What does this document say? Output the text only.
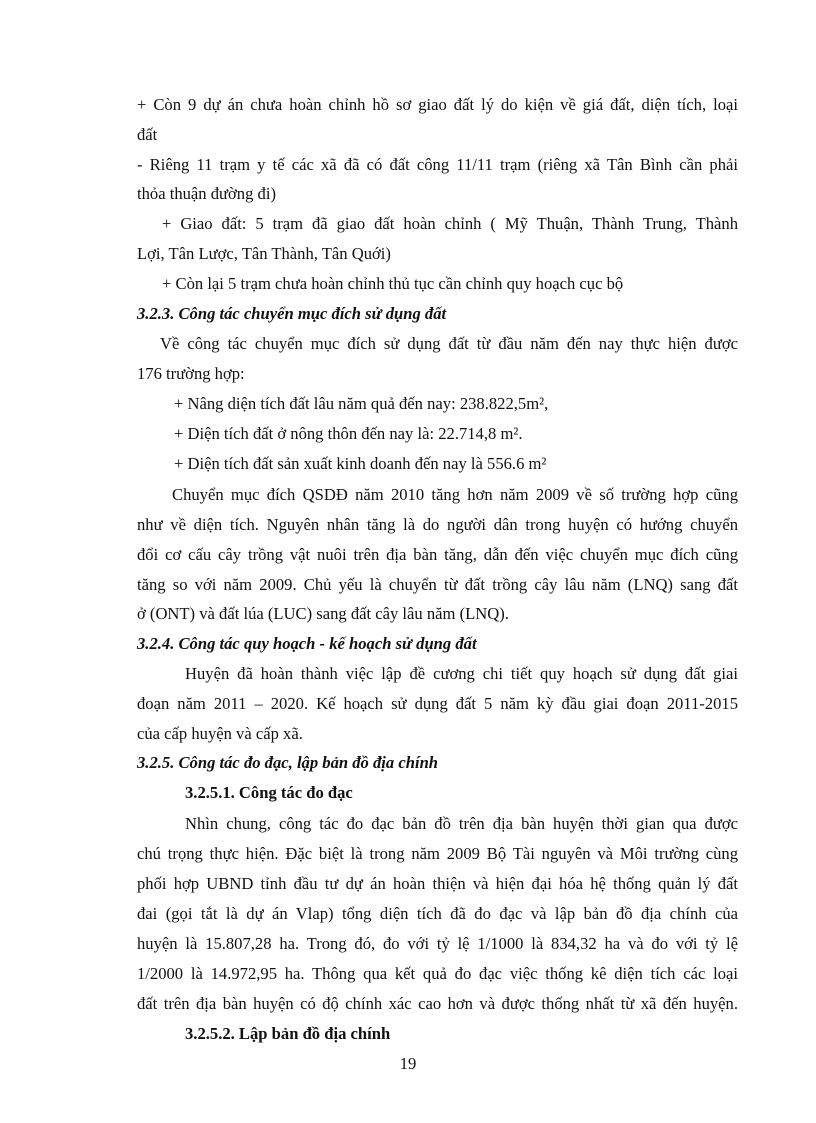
+ Còn 9 dự án chưa hoàn chỉnh hồ sơ giao đất lý do kiện về giá đất, diện tích, loại
đất
- Riêng 11 trạm y tế các xã đã có đất công 11/11 trạm (riêng xã Tân Bình cần phải
thỏa thuận đường đi)
+ Giao đất: 5 trạm đã giao đất hoàn chỉnh ( Mỹ Thuận, Thành Trung, Thành
Lợi, Tân Lược, Tân Thành, Tân Quới)
+ Còn lại 5 trạm chưa hoàn chỉnh thủ tục cần chỉnh quy hoạch cục bộ
3.2.3. Công tác chuyển mục đích sử dụng đất
Về công tác chuyển mục đích sử dụng đất từ đầu năm đến nay thực hiện được
176 trường hợp:
+ Nâng diện tích đất lâu năm quả đến nay: 238.822,5m²,
+ Diện tích đất ở nông thôn đến nay là: 22.714,8 m².
+ Diện tích đất sản xuất kinh doanh đến nay là 556.6 m²
Chuyển mục đích QSDĐ năm 2010 tăng hơn năm 2009 về số trường hợp cũng
như về diện tích. Nguyên nhân tăng là do người dân trong huyện có hướng chuyển
đổi cơ cấu cây trồng vật nuôi trên địa bàn tăng, dẫn đến việc chuyển mục đích cũng
tăng so với năm 2009. Chủ yếu là chuyển từ đất trồng cây lâu năm (LNQ) sang đất
ở (ONT) và đất lúa (LUC) sang đất cây lâu năm (LNQ).
3.2.4. Công tác quy hoạch - kế hoạch sử dụng đất
Huyện đã hoàn thành việc lập đề cương chi tiết quy hoạch sử dụng đất giai
đoạn năm 2011 – 2020. Kế hoạch sử dụng đất 5 năm kỳ đầu giai đoạn 2011-2015
của cấp huyện và cấp xã.
3.2.5. Công tác đo đạc, lập bản đồ địa chính
3.2.5.1. Công tác đo đạc
Nhìn chung, công tác đo đạc bản đồ trên địa bàn huyện thời gian qua được
chú trọng thực hiện. Đặc biệt là trong năm 2009 Bộ Tài nguyên và Môi trường cùng
phối hợp UBND tỉnh đầu tư dự án hoàn thiện và hiện đại hóa hệ thống quản lý đất
đai (gọi tắt là dự án Vlap) tổng diện tích đã đo đạc và lập bản đồ địa chính của
huyện là 15.807,28 ha. Trong đó, đo với tỷ lệ 1/1000 là 834,32 ha và đo với tỷ lệ
1/2000 là 14.972,95 ha. Thông qua kết quả đo đạc việc thống kê diện tích các loại
đất trên địa bàn huyện có độ chính xác cao hơn và được thống nhất từ xã đến huyện.
3.2.5.2. Lập bản đồ địa chính
19
